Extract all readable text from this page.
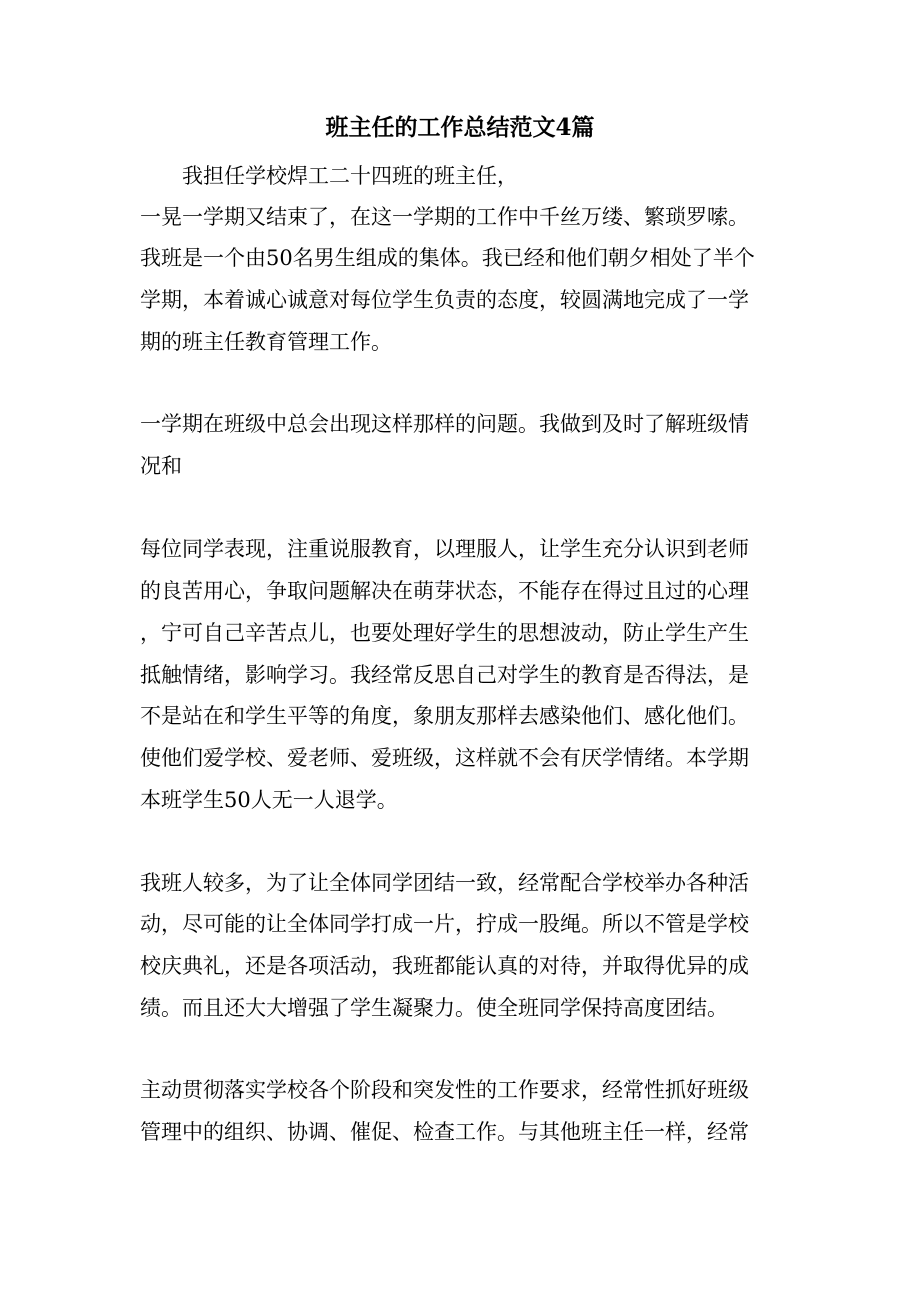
班主任的工作总结范文4篇
我担任学校焊工二十四班的班主任，
一晃一学期又结束了，在这一学期的工作中千丝万缕、繁琐罗嗦。
我班是一个由50名男生组成的集体。我已经和他们朝夕相处了半个
学期，本着诚心诚意对每位学生负责的态度，较圆满地完成了一学
期的班主任教育管理工作。
一学期在班级中总会出现这样那样的问题。我做到及时了解班级情
况和
每位同学表现，注重说服教育，以理服人，让学生充分认识到老师
的良苦用心，争取问题解决在萌芽状态，不能存在得过且过的心理
，宁可自己辛苦点儿，也要处理好学生的思想波动，防止学生产生
抵触情绪，影响学习。我经常反思自己对学生的教育是否得法，是
不是站在和学生平等的角度，象朋友那样去感染他们、感化他们。
使他们爱学校、爱老师、爱班级，这样就不会有厌学情绪。本学期
本班学生50人无一人退学。
我班人较多，为了让全体同学团结一致，经常配合学校举办各种活
动，尽可能的让全体同学打成一片，拧成一股绳。所以不管是学校
校庆典礼，还是各项活动，我班都能认真的对待，并取得优异的成
绩。而且还大大增强了学生凝聚力。使全班同学保持高度团结。
主动贯彻落实学校各个阶段和突发性的工作要求，经常性抓好班级
管理中的组织、协调、催促、检查工作。与其他班主任一样，经常
